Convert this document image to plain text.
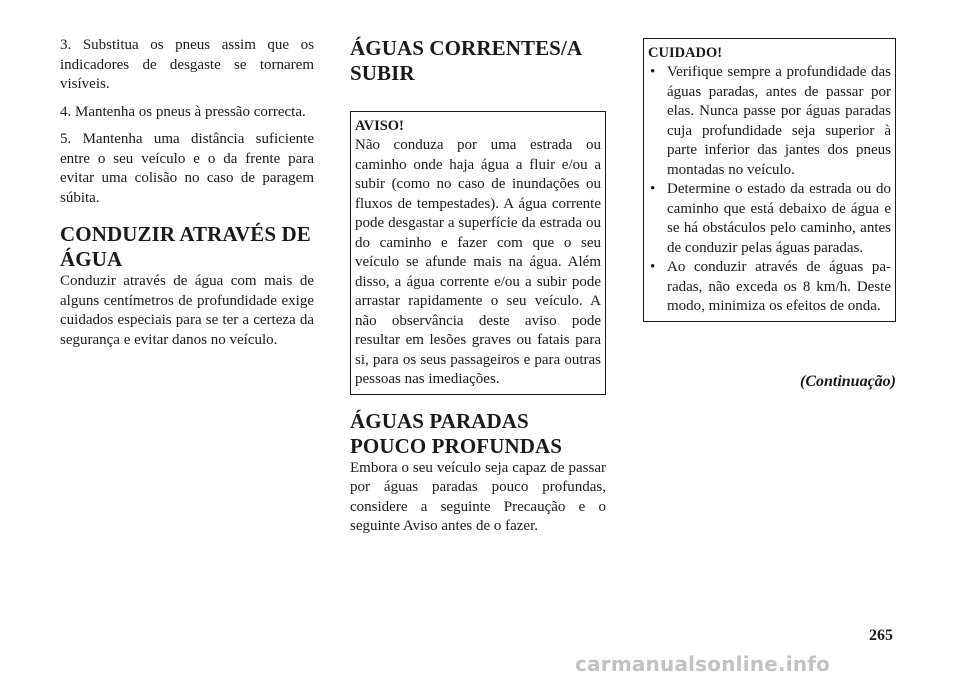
3. Substitua os pneus assim que os indicadores de desgaste se tornarem visíveis.

4. Mantenha os pneus à pressão correcta.

5. Mantenha uma distância suficiente entre o seu veículo e o da frente para evitar uma colisão no caso de paragem súbita.

CONDUZIR ATRAVÉS DE ÁGUA

Conduzir através de água com mais de alguns centímetros de profundidade exige cuidados especiais para se ter a certeza da segurança e evitar danos no veículo.

ÁGUAS CORRENTES/A SUBIR
AVISO!
Não conduza por uma estrada ou caminho onde haja água a fluir e/ou a subir (como no caso de inundações ou fluxos de tempestades). A água corrente pode desgastar a superfície da estrada ou do caminho e fazer com que o seu veículo se afunde mais na água. Além disso, a água corrente e/ou a subir pode arrastar rapidamente o seu veículo. A não observância deste aviso pode resultar em lesões graves ou fatais para si, para os seus passageiros e para outras pessoas nas imediações.
ÁGUAS PARADAS POUCO PROFUNDAS

Embora o seu veículo seja capaz de passar por águas paradas pouco profundas, considere a seguinte Precaução e o seguinte Aviso antes de o fazer.

CUIDADO!
• Verifique sempre a profundidade das águas paradas, antes de passar por elas. Nunca passe por águas paradas cuja profundidade seja superior à parte inferior das jantes dos pneus montadas no veículo.
• Determine o estado da estrada ou do caminho que está debaixo de água e se há obstáculos pelo caminho, antes de conduzir pelas águas paradas.
• Ao conduzir através de águas paradas, não exceda os 8 km/h. Deste modo, minimiza os efeitos de onda.
(Continuação)
265
carmanualsonline.info
